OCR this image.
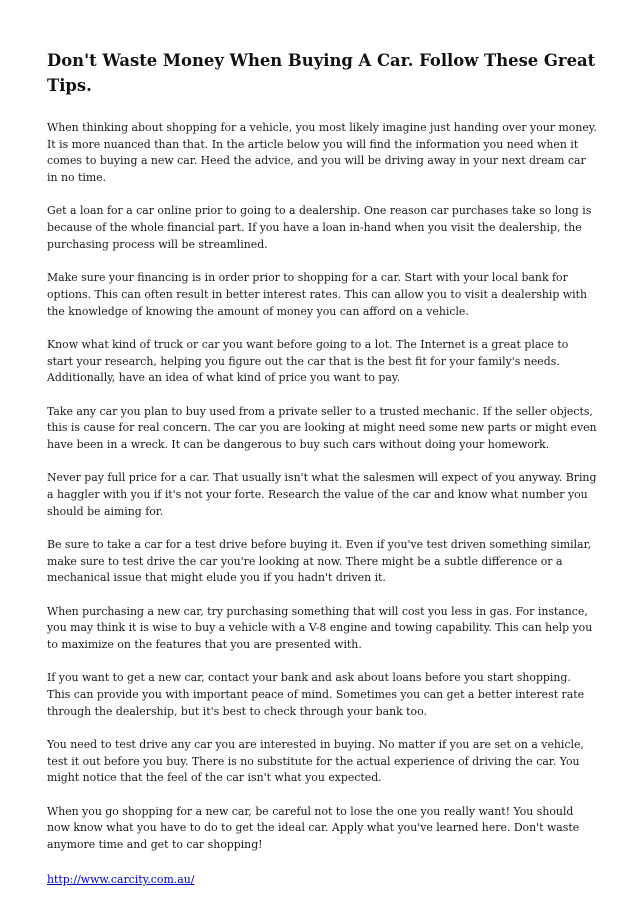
Don't Waste Money When Buying A Car. Follow These Great Tips.

When thinking about shopping for a vehicle, you most likely imagine just handing over your money. It is more nuanced than that. In the article below you will find the information you need when it comes to buying a new car. Heed the advice, and you will be driving away in your next dream car in no time.

Get a loan for a car online prior to going to a dealership. One reason car purchases take so long is because of the whole financial part. If you have a loan in-hand when you visit the dealership, the purchasing process will be streamlined.

Make sure your financing is in order prior to shopping for a car. Start with your local bank for options. This can often result in better interest rates. This can allow you to visit a dealership with the knowledge of knowing the amount of money you can afford on a vehicle.

Know what kind of truck or car you want before going to a lot. The Internet is a great place to start your research, helping you figure out the car that is the best fit for your family's needs. Additionally, have an idea of what kind of price you want to pay.

Take any car you plan to buy used from a private seller to a trusted mechanic. If the seller objects, this is cause for real concern. The car you are looking at might need some new parts or might even have been in a wreck. It can be dangerous to buy such cars without doing your homework.

Never pay full price for a car. That usually isn't what the salesmen will expect of you anyway. Bring a haggler with you if it's not your forte. Research the value of the car and know what number you should be aiming for.

Be sure to take a car for a test drive before buying it. Even if you've test driven something similar, make sure to test drive the car you're looking at now. There might be a subtle difference or a mechanical issue that might elude you if you hadn't driven it.

When purchasing a new car, try purchasing something that will cost you less in gas. For instance, you may think it is wise to buy a vehicle with a V-8 engine and towing capability. This can help you to maximize on the features that you are presented with.

If you want to get a new car, contact your bank and ask about loans before you start shopping. This can provide you with important peace of mind. Sometimes you can get a better interest rate through the dealership, but it's best to check through your bank too.

You need to test drive any car you are interested in buying. No matter if you are set on a vehicle, test it out before you buy. There is no substitute for the actual experience of driving the car. You might notice that the feel of the car isn't what you expected.

When you go shopping for a new car, be careful not to lose the one you really want! You should now know what you have to do to get the ideal car. Apply what you've learned here. Don't waste anymore time and get to car shopping!

http://www.carcity.com.au/
